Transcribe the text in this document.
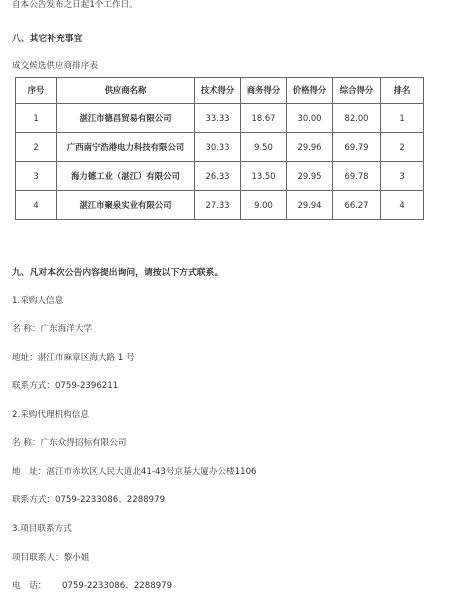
自本公告发布之日起1个工作日。
八、其它补充事宜
成交候选供应商排序表
序号	供应商名称	技术得分	商务得分	价格得分	综合得分	排名
1	湛江市德昌贸易有限公司	33.33	18.67	30.00	82.00	1
2	广西南宁浩港电力科技有限公司	30.33	9.50	29.96	69.79	2
3	海力德工业（湛江）有限公司	26.33	13.50	29.95	69.78	3
4	湛江市聚泉实业有限公司	27.33	9.00	29.94	66.27	4
九、凡对本次公告内容提出询问，请按以下方式联系。
1.采购人信息
名 称：广东海洋大学
地址：湛江市麻章区海大路 1 号
联系方式：0759-2396211
2.采购代理机构信息
名 称：广东众得招标有限公司
地　址：湛江市赤坎区人民大道北41-43号京基大厦办公楼1106
联系方式：0759-2233086、2288979
3.项目联系方式
项目联系人：黎小姐
电　话： 0759-2233086、2288979
